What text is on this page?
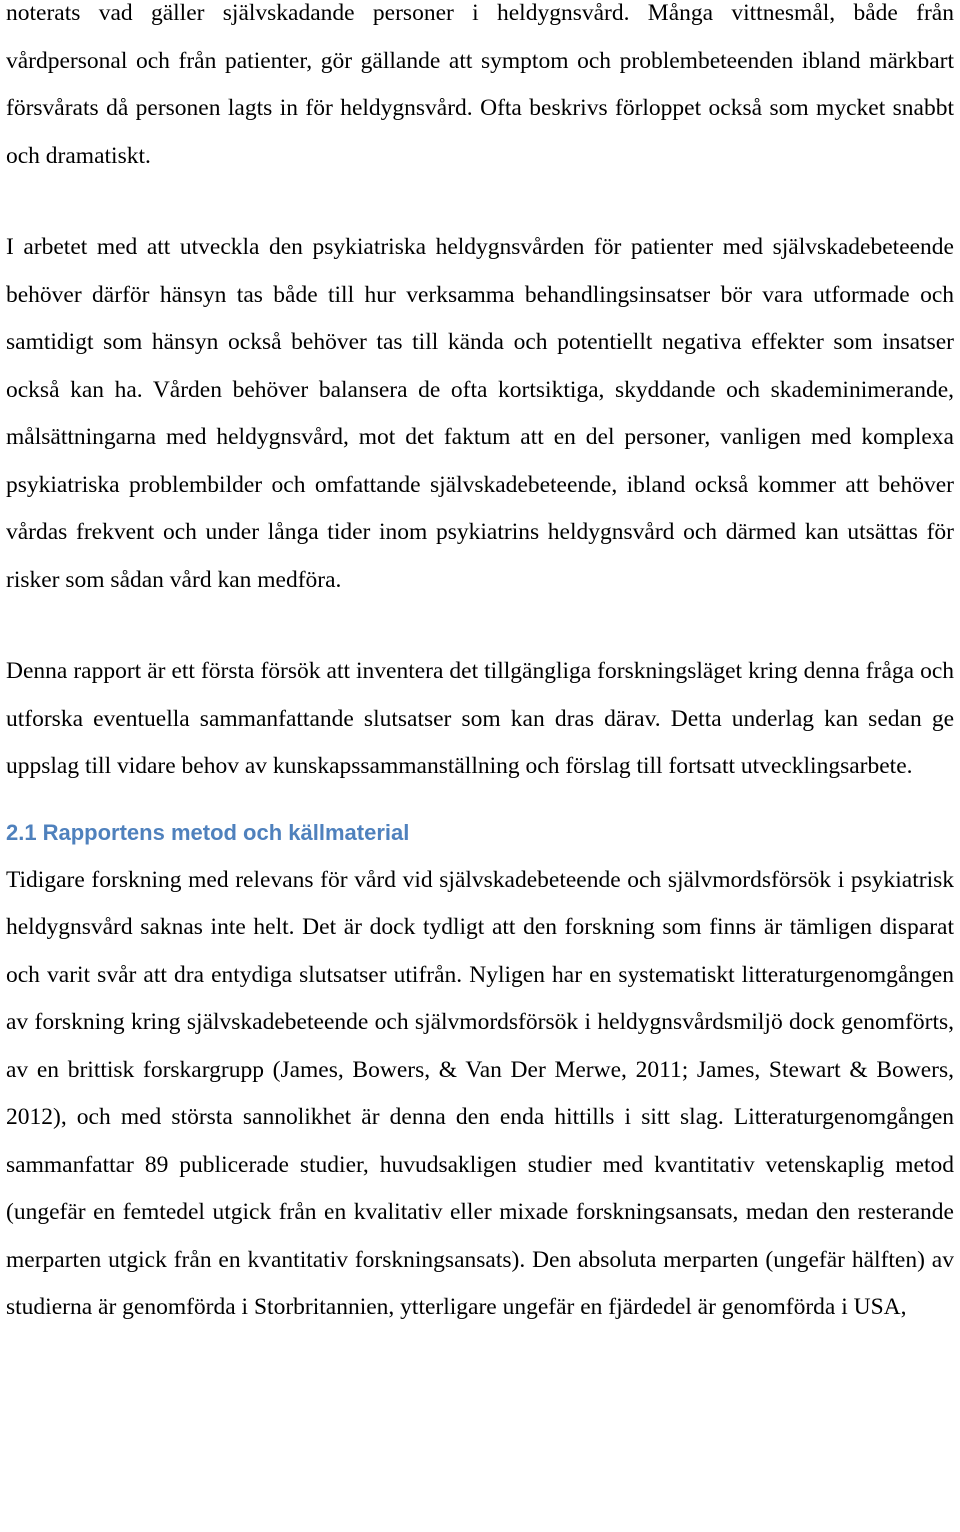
noterats vad gäller självskadande personer i heldygnsvård. Många vittnesmål, både från vårdpersonal och från patienter, gör gällande att symptom och problembeteenden ibland märkbart försvårats då personen lagts in för heldygnsvård. Ofta beskrivs förloppet också som mycket snabbt och dramatiskt.

I arbetet med att utveckla den psykiatriska heldygnsvården för patienter med självskadebeteende behöver därför hänsyn tas både till hur verksamma behandlingsinsatser bör vara utformade och samtidigt som hänsyn också behöver tas till kända och potentiellt negativa effekter som insatser också kan ha. Vården behöver balansera de ofta kortsiktiga, skyddande och skademinimerande, målsättningarna med heldygnsvård, mot det faktum att en del personer, vanligen med komplexa psykiatriska problembilder och omfattande självskadebeteende, ibland också kommer att behöver vårdas frekvent och under långa tider inom psykiatrins heldygnsvård och därmed kan utsättas för risker som sådan vård kan medföra.

Denna rapport är ett första försök att inventera det tillgängliga forskningsläget kring denna fråga och utforska eventuella sammanfattande slutsatser som kan dras därav. Detta underlag kan sedan ge uppslag till vidare behov av kunskapssammanställning och förslag till fortsatt utvecklingsarbete.

2.1 Rapportens metod och källmaterial

Tidigare forskning med relevans för vård vid självskadebeteende och självmordsförsök i psykiatrisk heldygnsvård saknas inte helt. Det är dock tydligt att den forskning som finns är tämligen disparat och varit svår att dra entydiga slutsatser utifrån. Nyligen har en systematiskt litteraturgenomgången av forskning kring självskadebeteende och självmordsförsök i heldygnsvårdsmiljö dock genomförts, av en brittisk forskargrupp (James, Bowers, & Van Der Merwe, 2011; James, Stewart & Bowers, 2012), och med största sannolikhet är denna den enda hittills i sitt slag. Litteraturgenomgången sammanfattar 89 publicerade studier, huvudsakligen studier med kvantitativ vetenskaplig metod (ungefär en femtedel utgick från en kvalitativ eller mixade forskningsansats, medan den resterande merparten utgick från en kvantitativ forskningsansats). Den absoluta merparten (ungefär hälften) av studierna är genomförda i Storbritannien, ytterligare ungefär en fjärdedel är genomförda i USA,
